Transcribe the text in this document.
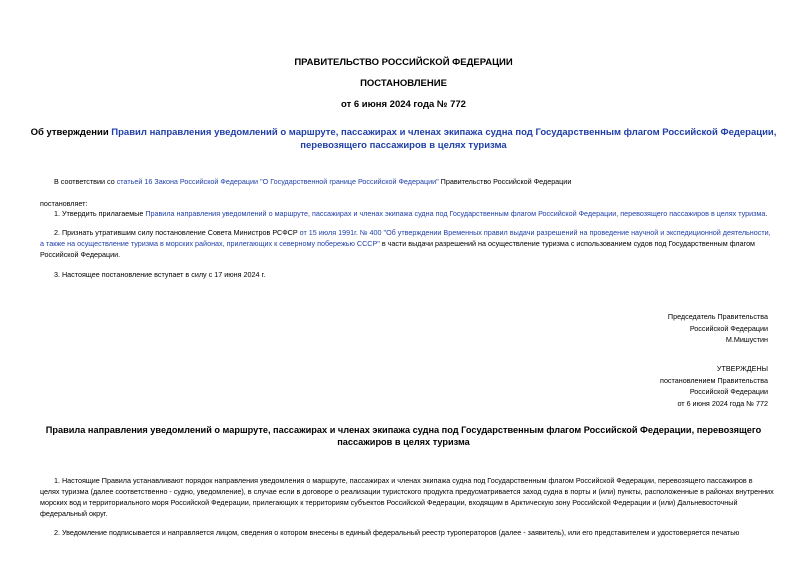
ПРАВИТЕЛЬСТВО РОССИЙСКОЙ ФЕДЕРАЦИИ
ПОСТАНОВЛЕНИЕ
от 6 июня 2024 года № 772
Об утверждении Правил направления уведомлений о маршруте, пассажирах и членах экипажа судна под Государственным флагом Российской Федерации,
перевозящего пассажиров в целях туризма
В соответствии со статьей 16 Закона Российской Федерации "О Государственной границе Российской Федерации" Правительство Российской Федерации
постановляет:
1. Утвердить прилагаемые Правила направления уведомлений о маршруте, пассажирах и членах экипажа судна под Государственным флагом Российской Федерации, перевозящего пассажиров в целях туризма.
2. Признать утратившим силу постановление Совета Министров РСФСР от 15 июля 1991г. № 400 "Об утверждении Временных правил выдачи разрешений на проведение научной и экспедиционной деятельности,
а также на осуществление туризма в морских районах, прилегающих к северному побережью СССР" в части выдачи разрешений на осуществление туризма с использованием судов под Государственным флагом
Российской Федерации.
3. Настоящее постановление вступает в силу с 17 июня 2024 г.
Председатель Правительства
Российской Федерации
М.Мишустин
УТВЕРЖДЕНЫ
постановлением Правительства
Российской Федерации
от 6 июня 2024 года № 772
Правила направления уведомлений о маршруте, пассажирах и членах экипажа судна под Государственным флагом Российской Федерации, перевозящего
пассажиров в целях туризма
1. Настоящие Правила устанавливают порядок направления уведомления о маршруте, пассажирах и членах экипажа судна под Государственным флагом Российской Федерации, перевозящего пассажиров в
целях туризма (далее соответственно - судно, уведомление), в случае если в договоре о реализации туристского продукта предусматривается заход судна в порты и (или) пункты, расположенные в районах внутренних
морских вод и территориального моря Российской Федерации, прилегающих к территориям субъектов Российской Федерации, входящим в Арктическую зону Российской Федерации и (или) Дальневосточный
федеральный округ.
2. Уведомление подписывается и направляется лицом, сведения о котором внесены в единый федеральный реестр туроператоров (далее - заявитель), или его представителем и удостоверяется печатью
